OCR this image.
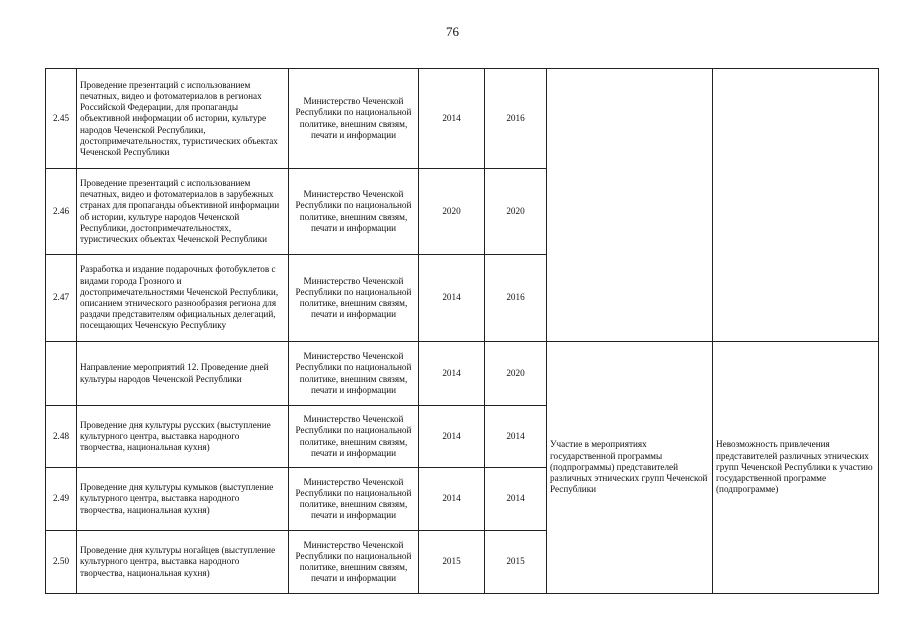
76
2.45	Проведение презентаций с использованием печатных, видео и фотоматериалов в регионах Российской Федерации, для пропаганды объективной информации об истории, культуре народов Чеченской Республики, достопримечательностях, туристических объектах Чеченской Республики	Министерство Чеченской Республики по национальной политике, внешним связям, печати и информации	2014	2016		
2.46	Проведение презентаций с использованием печатных, видео и фотоматериалов в зарубежных странах для пропаганды объективной информации об истории, культуре народов Чеченской Республики, достопримечательностях, туристических объектах Чеченской Республики	Министерство Чеченской Республики по национальной политике, внешним связям, печати и информации	2020	2020		
2.47	Разработка и издание подарочных фотобуклетов с видами города Грозного и достопримечательностями Чеченской Республики, описанием этнического разнообразия региона для раздачи представителям официальных делегаций, посещающих Чеченскую Республику	Министерство Чеченской Республики по национальной политике, внешним связям, печати и информации	2014	2016		
	Направление мероприятий 12. Проведение дней культуры народов Чеченской Республики	Министерство Чеченской Республики по национальной политике, внешним связям, печати и информации	2014	2020	Участие в мероприятиях государственной программы (подпрограммы) представителей различных этнических групп Чеченской Республики	Невозможность привлечения представителей различных этнических групп Чеченской Республики к участию государственной программе (подпрограмме)
2.48	Проведение дня культуры русских (выступление культурного центра, выставка народного творчества, национальная кухня)	Министерство Чеченской Республики по национальной политике, внешним связям, печати и информации	2014	2014		
2.49	Проведение дня культуры кумыков (выступление культурного центра, выставка народного творчества, национальная кухня)	Министерство Чеченской Республики по национальной политике, внешним связям, печати и информации	2014	2014		
2.50	Проведение дня культуры ногайцев (выступление культурного центра, выставка народного творчества, национальная кухня)	Министерство Чеченской Республики по национальной политике, внешним связям, печати и информации	2015	2015		
